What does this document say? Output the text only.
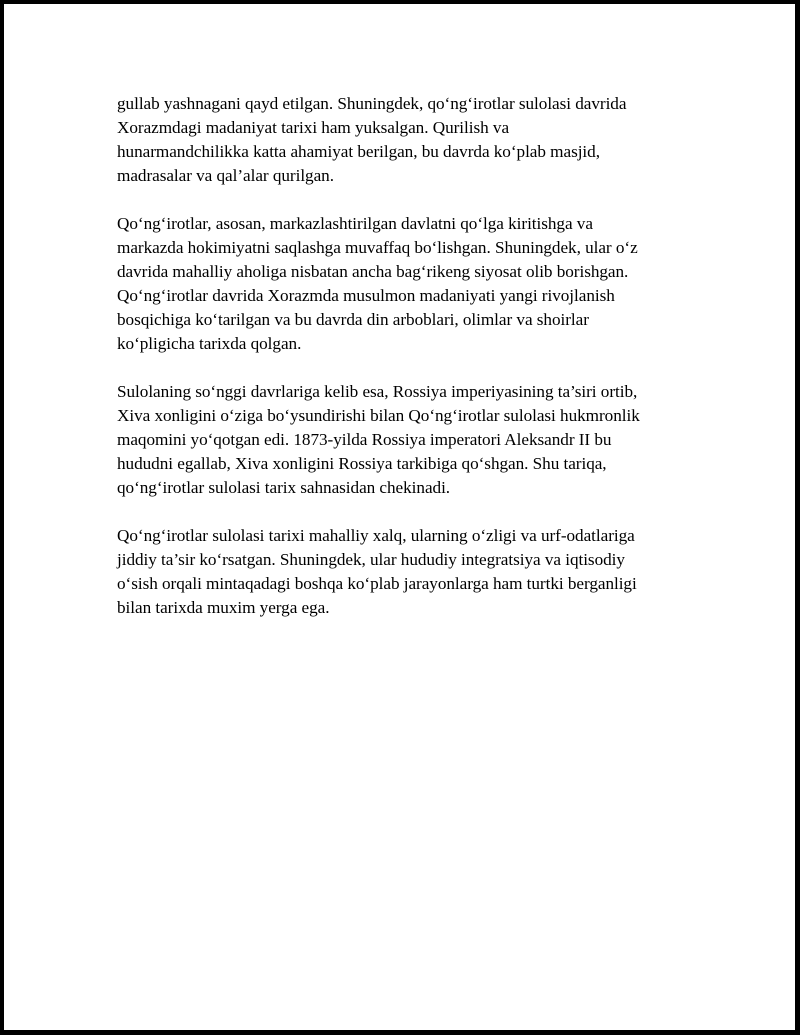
gullab yashnagani qayd etilgan. Shuningdek, qo‘ng‘irotlar sulolasi davrida
Xorazmdagi madaniyat tarixi ham yuksalgan. Qurilish va
hunarmandchilikka katta ahamiyat berilgan, bu davrda ko‘plab masjid,
madrasalar va qal’alar qurilgan.

Qo‘ng‘irotlar, asosan, markazlashtirilgan davlatni qo‘lga kiritishga va
markazda hokimiyatni saqlashga muvaffaq bo‘lishgan. Shuningdek, ular o‘z
davrida mahalliy aholiga nisbatan ancha bag‘rikeng siyosat olib borishgan.
Qo‘ng‘irotlar davrida Xorazmda musulmon madaniyati yangi rivojlanish
bosqichiga ko‘tarilgan va bu davrda din arboblari, olimlar va shoirlar
ko‘pligicha tarixda qolgan.

Sulolaning so‘nggi davrlariga kelib esa, Rossiya imperiyasining ta’siri ortib,
Xiva xonligini o‘ziga bo‘ysundirishi bilan Qo‘ng‘irotlar sulolasi hukmronlik
maqomini yo‘qotgan edi. 1873-yilda Rossiya imperatori Aleksandr II bu
hududni egallab, Xiva xonligini Rossiya tarkibiga qo‘shgan. Shu tariqa,
qo‘ng‘irotlar sulolasi tarix sahnasidan chekinadi.

Qo‘ng‘irotlar sulolasi tarixi mahalliy xalq, ularning o‘zligi va urf-odatlariga
jiddiy ta’sir ko‘rsatgan. Shuningdek, ular hududiy integratsiya va iqtisodiy
o‘sish orqali mintaqadagi boshqa ko‘plab jarayonlarga ham turtki berganligi
bilan tarixda muxim yerga ega.
